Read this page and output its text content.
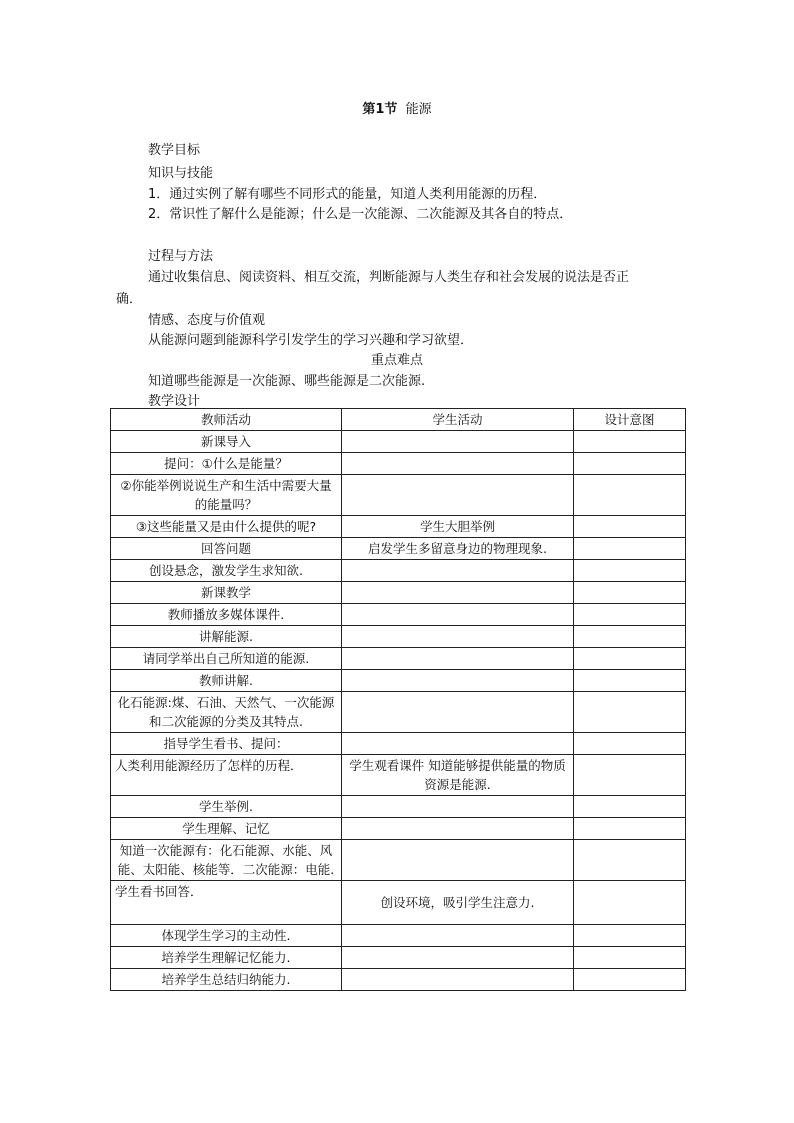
第1节 能源
教学目标
知识与技能
1．通过实例了解有哪些不同形式的能量，知道人类利用能源的历程．
2．常识性了解什么是能源；什么是一次能源、二次能源及其各自的特点．
过程与方法
通过收集信息、阅读资料、相互交流，判断能源与人类生存和社会发展的说法是否正
确．
情感、态度与价值观
从能源问题到能源科学引发学生的学习兴趣和学习欲望．
重点难点
知道哪些能源是一次能源、哪些能源是二次能源.
教学设计
教师活动	学生活动	设计意图
新课导入		
提问：①什么是能量？		
②你能举例说说生产和生活中需要大量的能量吗？		
③这些能量又是由什么提供的呢?	学生大胆举例	
回答问题	启发学生多留意身边的物理现象.	
创设悬念，激发学生求知欲.		
新课教学		
教师播放多媒体课件.		
讲解能源.		
请同学举出自己所知道的能源.		
教师讲解.		
化石能源:煤、石油、天然气、一次能源和二次能源的分类及其特点.		
指导学生看书、提问：		
人类利用能源经历了怎样的历程．	学生观看课件 知道能够提供能量的物质资源是能源.	
学生举例.		
学生理解、记忆		
知道一次能源有：化石能源、水能、风能、太阳能、核能等．二次能源：电能.		
学生看书回答．	创设环境，吸引学生注意力.	
体现学生学习的主动性.		
培养学生理解记忆能力.		
培养学生总结归纳能力.		
